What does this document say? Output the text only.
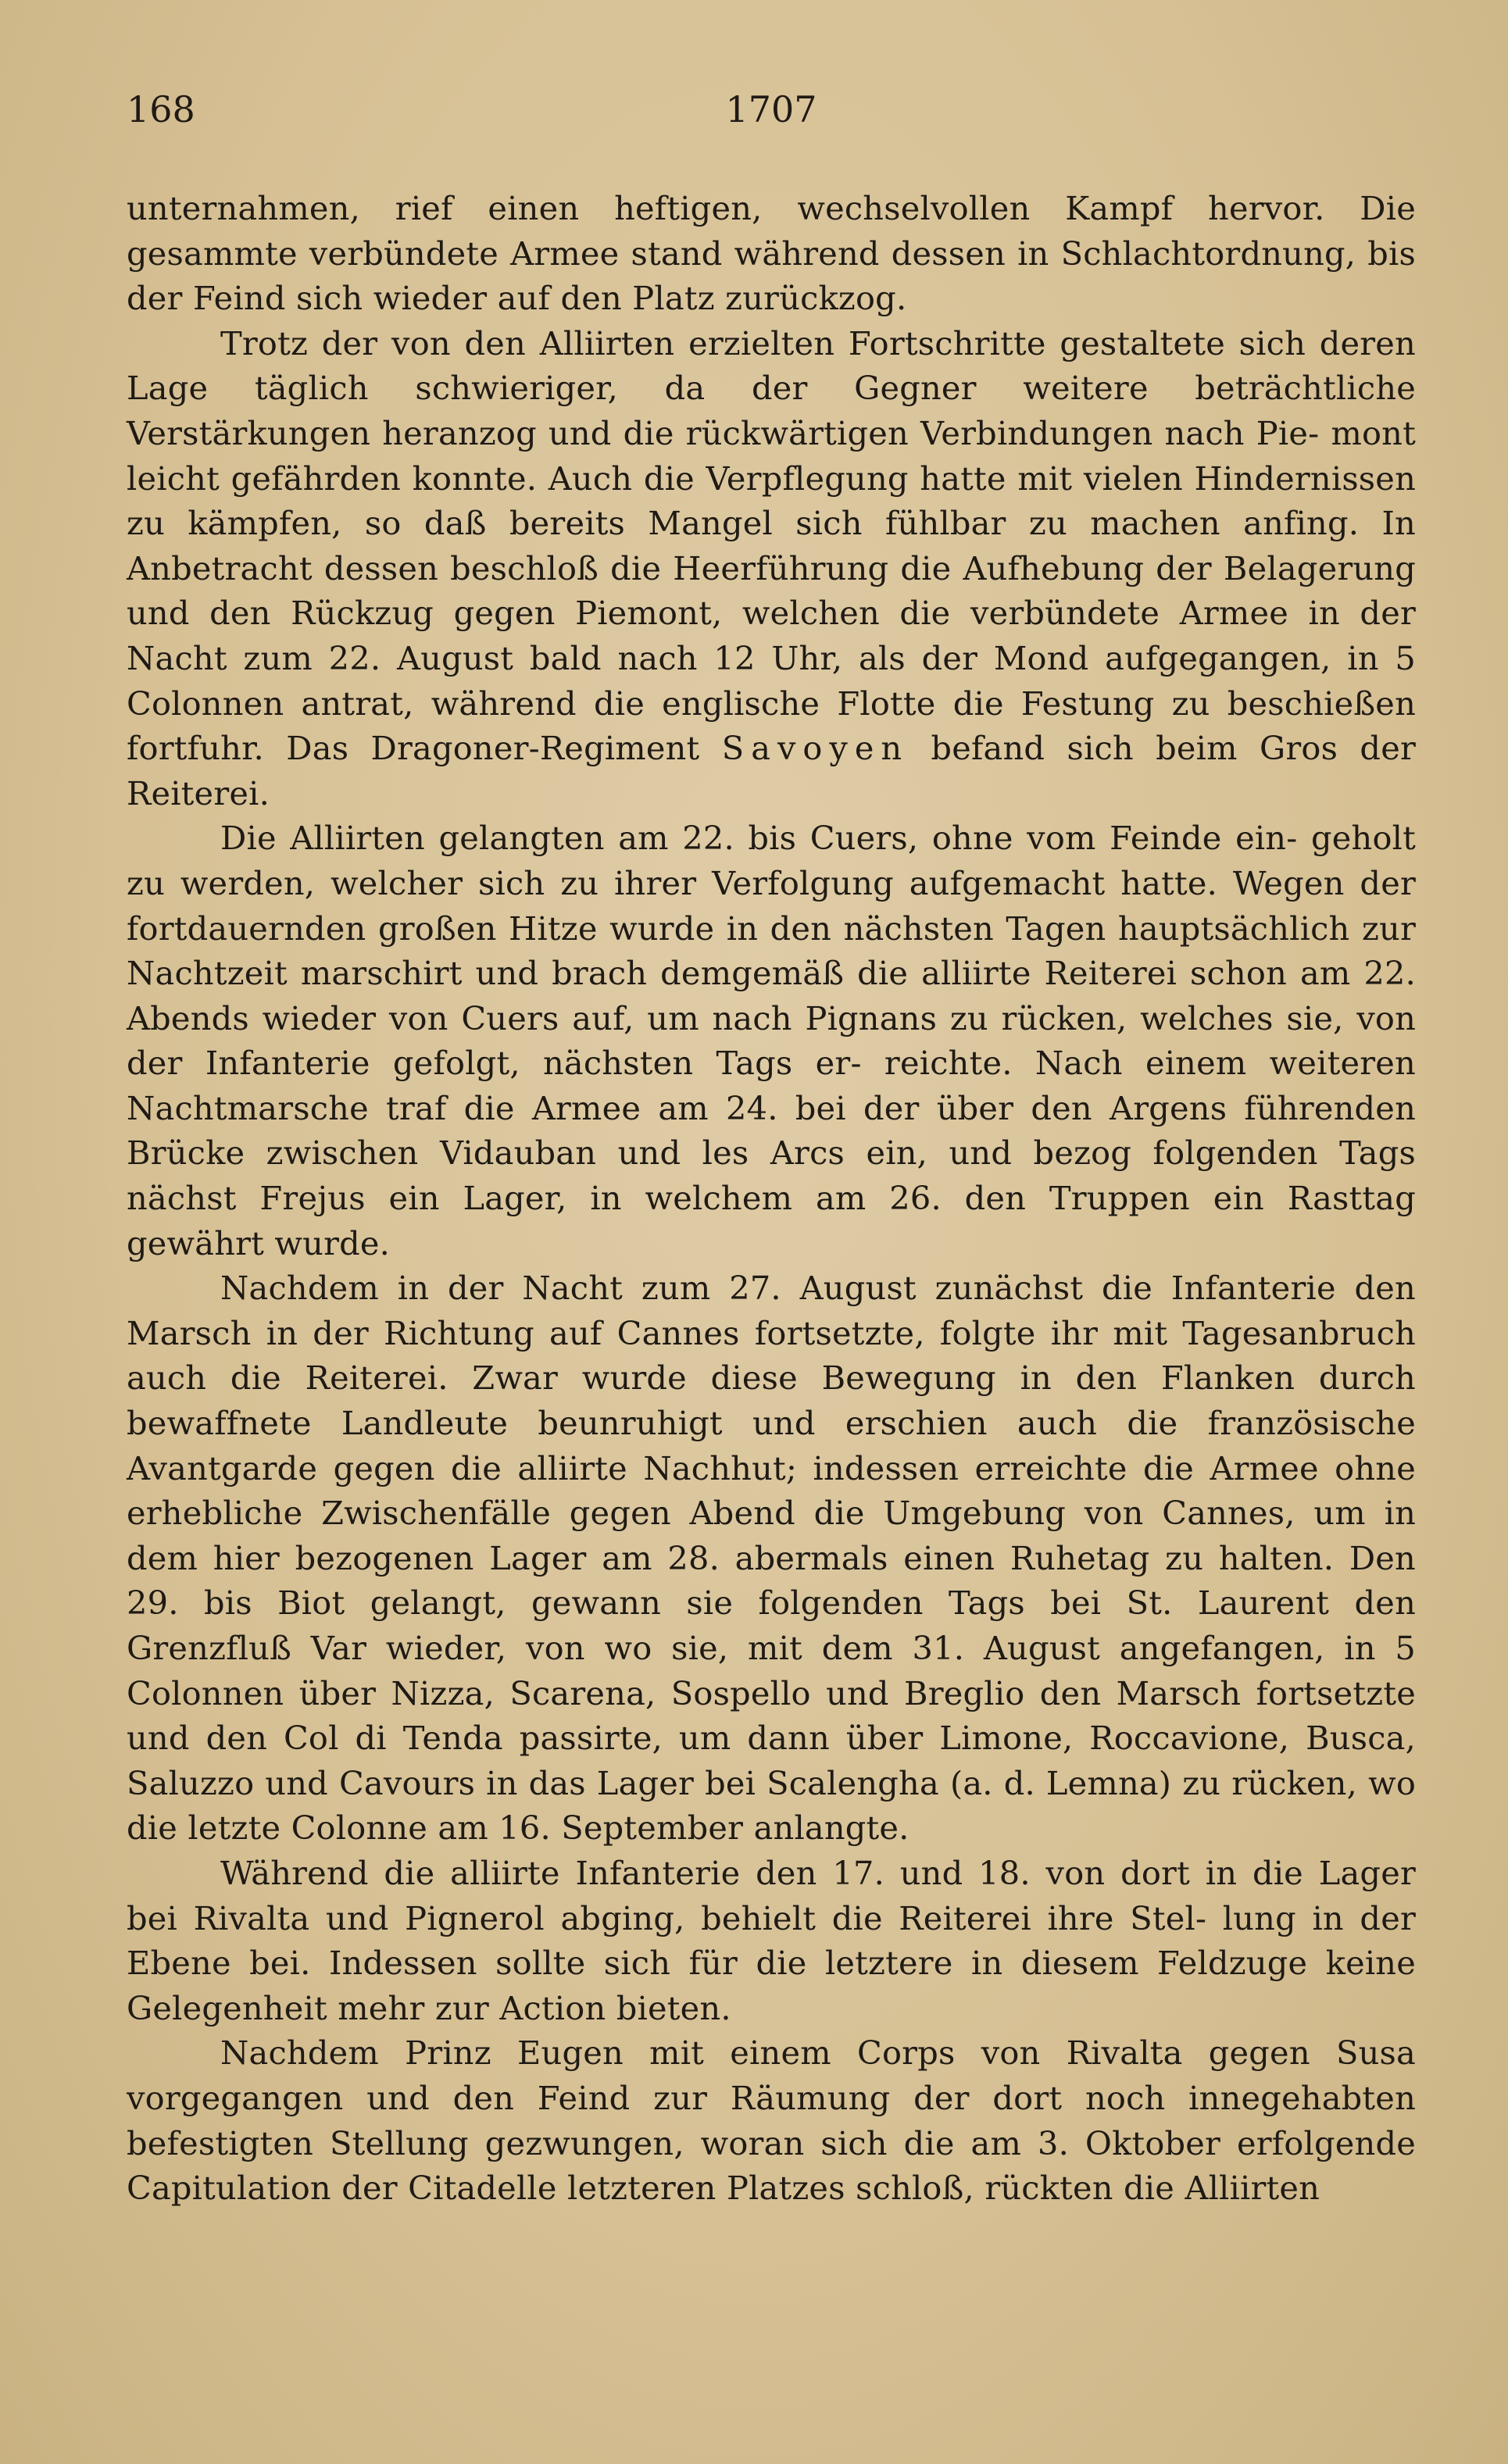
168	1707

unternahmen, rief einen heftigen, wechselvollen Kampf hervor. Die gesammte verbündete Armee stand während dessen in Schlachtordnung, bis der Feind sich wieder auf den Platz zurückzog.

Trotz der von den Alliirten erzielten Fortschritte gestaltete sich deren Lage täglich schwieriger, da der Gegner weitere beträchtliche Verstärkungen heranzog und die rückwärtigen Verbindungen nach Pie- mont leicht gefährden konnte. Auch die Verpflegung hatte mit vielen Hindernissen zu kämpfen, so daß bereits Mangel sich fühlbar zu machen anfing. In Anbetracht dessen beschloß die Heerführung die Aufhebung der Belagerung und den Rückzug gegen Piemont, welchen die verbündete Armee in der Nacht zum 22. August bald nach 12 Uhr, als der Mond aufgegangen, in 5 Colonnen antrat, während die englische Flotte die Festung zu beschießen fortfuhr. Das Dragoner-Regiment Savoyen befand sich beim Gros der Reiterei.

Die Alliirten gelangten am 22. bis Cuers, ohne vom Feinde ein- geholt zu werden, welcher sich zu ihrer Verfolgung aufgemacht hatte. Wegen der fortdauernden großen Hitze wurde in den nächsten Tagen hauptsächlich zur Nachtzeit marschirt und brach demgemäß die alliirte Reiterei schon am 22. Abends wieder von Cuers auf, um nach Pignans zu rücken, welches sie, von der Infanterie gefolgt, nächsten Tags er- reichte. Nach einem weiteren Nachtmarsche traf die Armee am 24. bei der über den Argens führenden Brücke zwischen Vidauban und les Arcs ein, und bezog folgenden Tags nächst Frejus ein Lager, in welchem am 26. den Truppen ein Rasttag gewährt wurde.

Nachdem in der Nacht zum 27. August zunächst die Infanterie den Marsch in der Richtung auf Cannes fortsetzte, folgte ihr mit Tagesanbruch auch die Reiterei. Zwar wurde diese Bewegung in den Flanken durch bewaffnete Landleute beunruhigt und erschien auch die französische Avantgarde gegen die alliirte Nachhut; indessen erreichte die Armee ohne erhebliche Zwischenfälle gegen Abend die Umgebung von Cannes, um in dem hier bezogenen Lager am 28. abermals einen Ruhetag zu halten. Den 29. bis Biot gelangt, gewann sie folgenden Tags bei St. Laurent den Grenzfluß Var wieder, von wo sie, mit dem 31. August angefangen, in 5 Colonnen über Nizza, Scarena, Sospello und Breglio den Marsch fortsetzte und den Col di Tenda passirte, um dann über Limone, Roccavione, Busca, Saluzzo und Cavours in das Lager bei Scalengha (a. d. Lemna) zu rücken, wo die letzte Colonne am 16. September anlangte.

Während die alliirte Infanterie den 17. und 18. von dort in die Lager bei Rivalta und Pignerol abging, behielt die Reiterei ihre Stel- lung in der Ebene bei. Indessen sollte sich für die letztere in diesem Feldzuge keine Gelegenheit mehr zur Action bieten.

Nachdem Prinz Eugen mit einem Corps von Rivalta gegen Susa vorgegangen und den Feind zur Räumung der dort noch innegehabten befestigten Stellung gezwungen, woran sich die am 3. Oktober erfolgende Capitulation der Citadelle letzteren Platzes schloß, rückten die Alliirten
